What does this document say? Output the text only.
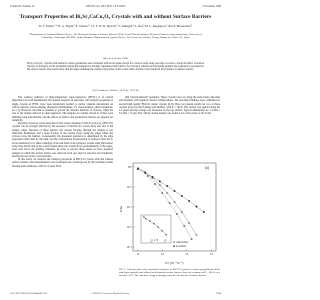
Volume 81, Number 18	PHYSICAL REVIEW LETTERS	2 November 1998
Transport Properties of Bi₂Sr₂CaCu₂O₈ Crystals with and without Surface Barriers
D. T. Fuchs,¹·* R. A. Doyle,² E. Zeldov,¹·† S. F. W. R. Rycroft,² T. Tamegai,³ S. Ooi,³ M. L. Rappaport,¹ and Y. Myasoedov¹
¹Department of Condensed Matter Physics, The Weizmann Institute of Science, Rehovot 76100, Israel ²Interdisciplinary Research Centre in Superconductivity, University of Cambridge, Cambridge CB3 0HE, United Kingdom ³Department of Applied Physics, The University of Tokyo, Hongo, Bunkyo-ku, Tokyo 113, Japan
(Received 18 June 1998)
Bi₂Sr₂CaCu₂O₈ crystals with identical contact geometries were irradiated with an ion beam except for a narrow strip along one edge, in order to study the effect of surface barriers on transport. In the irradiated regions the resistance is strongly suppressed and found to be activated, whereas in the pristine samples the resistance is governed by the surface barrier. The results show that the edges dominate the transport properties of the vortex lattice and the vortex liquid in the presence of surface barriers.
PACS numbers: 74.60.Ge, 74.25.Fy, 74.72.Hs

The resistive behavior of high-temperature superconductors (HTSC) is of central importance for both fundamental and applied research. In particular, the transport properties of single crystals of HTSC have been extensively studied to derive valuable information on critical currents, vortex pinning, dissipation mechanisms, I-V characteristics, phase transitions, etc. [1]. However, the bulk is assumed to govern the resistive behavior of vortices, while the role of the sample surfaces is often neglected. The samples are usually treated as if they were infinitely long and uniform, and the effects of surface and geometrical barriers are ignored for simplicity.

Recently, however, it has been shown that vortex dynamics in Bi₂Sr₂CaCu₂O₈ (BSCCO) crystals can be strongly affected by the presence of barriers for vortex entry and exit at the sample edges. Because of these barriers the current flowing through the sample is not uniformly distributed, and a large fraction of the current flows along the edges where the vortices cross the barriers. Consequently the measured resistance is determined by the edge properties rather than by the bulk, and the conventional interpretation of transport data has to be reconsidered [2-5]. Direct imaging of the self-field of the transport current using Hall sensor arrays has shown that in the vortex liquid phase the current flows predominantly at the edges, even well above the melting transition. In order to resolve these issues we have prepared samples in which the surface barrier was removed from one edge by selective ion irradiation, leaving the rest of the crystal pristine.

In this Letter we compare the transport properties of BSCCO crystals with and without surface barriers. The measurements were performed on crystals grown by the traveling solvent floating zone technique, with Tc of about 90 K.

thin “unconventional” geometry. These crystals were cut along the same lattice direction and mounted with identical contact configurations. The described findings were confirmed on several high quality BSCCO single crystals [6–8]. Here we present results for two of these crystals grown by the floating zone method, with Tc ≈ 90 K. The current was applied along the a-b plane and the voltage was measured on the top surface. Typical dimensions are 1.5 mm × 0.3 mm × 15 μm. The critical current density was found to be of the order of 10³ A/cm².

11	12	13	14
10⁰
10⁻¹
10⁻²
10⁻³
10⁻⁴
12	13
(a)
1/T (10⁻³ K⁻¹)
R/Rₙ
with barrier
no barrier
1/T
R
FIG. 1. Arrhenius plot of the normalized resistance of BSCCO crystals in various perpendicular fields, with (open symbols) and without (solid symbols) surface barriers. Inset: the resistance at H = 200 Oe as a function of 1/T. The activation energy is strongly reduced in the absence of surface barriers.
0031-9007/98/81(18)/3944(4)$15.00	© 1998 The American Physical Society	3944
